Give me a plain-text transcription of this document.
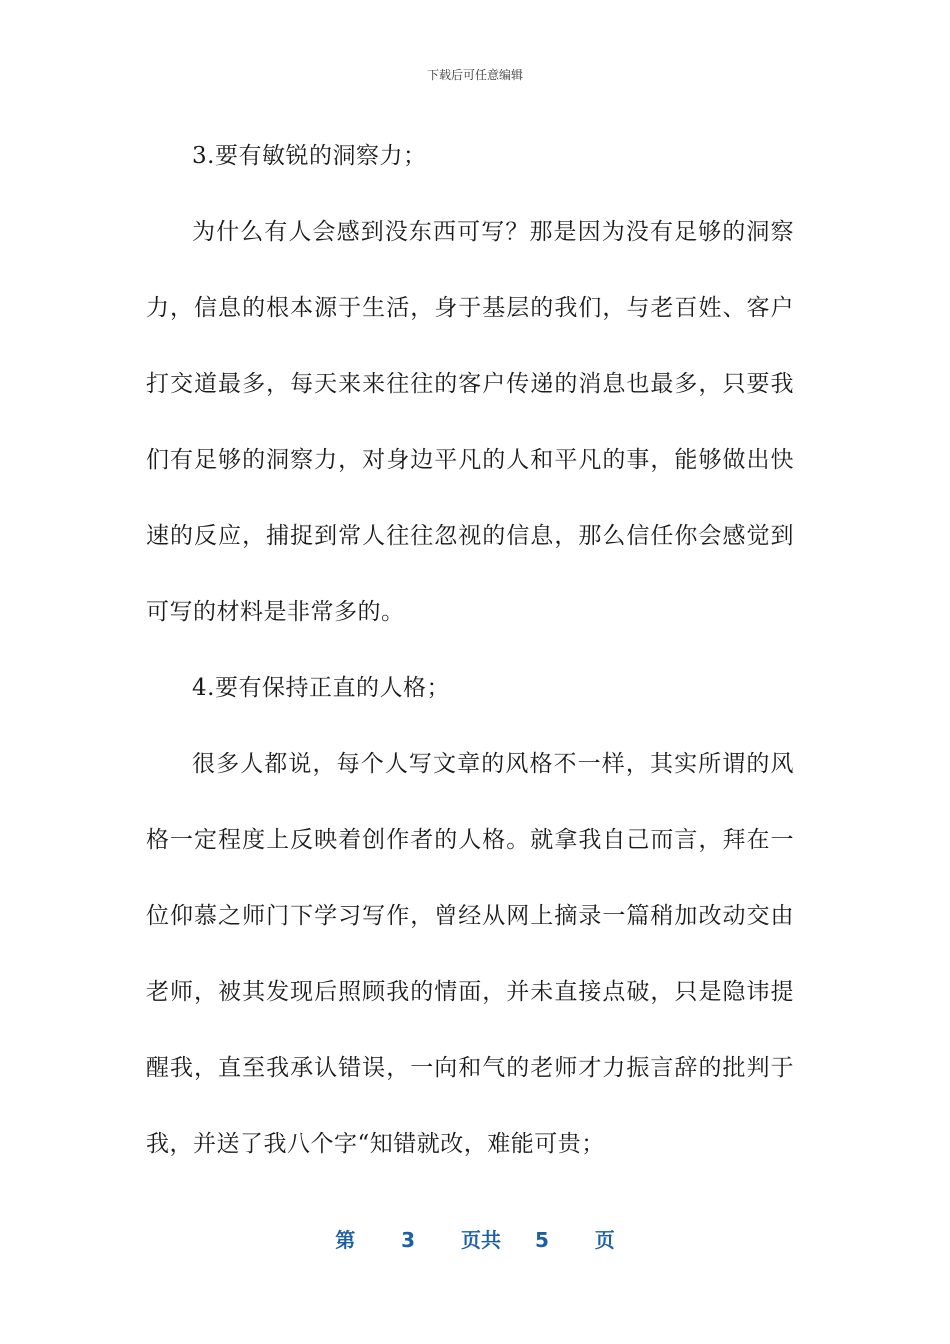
下载后可任意编辑

3.要有敏锐的洞察力；

为什么有人会感到没东西可写？那是因为没有足够的洞察力，信息的根本源于生活，身于基层的我们，与老百姓、客户打交道最多，每天来来往往的客户传递的消息也最多，只要我们有足够的洞察力，对身边平凡的人和平凡的事，能够做出快速的反应，捕捉到常人往往忽视的信息，那么信任你会感觉到可写的材料是非常多的。

4.要有保持正直的人格；

很多人都说，每个人写文章的风格不一样，其实所谓的风格一定程度上反映着创作者的人格。就拿我自己而言，拜在一位仰慕之师门下学习写作，曾经从网上摘录一篇稍加改动交由老师，被其发现后照顾我的情面，并未直接点破，只是隐讳提醒我，直至我承认错误，一向和气的老师才力振言辞的批判于我，并送了我八个字“知错就改，难能可贵；

第 3 页共 5 页
